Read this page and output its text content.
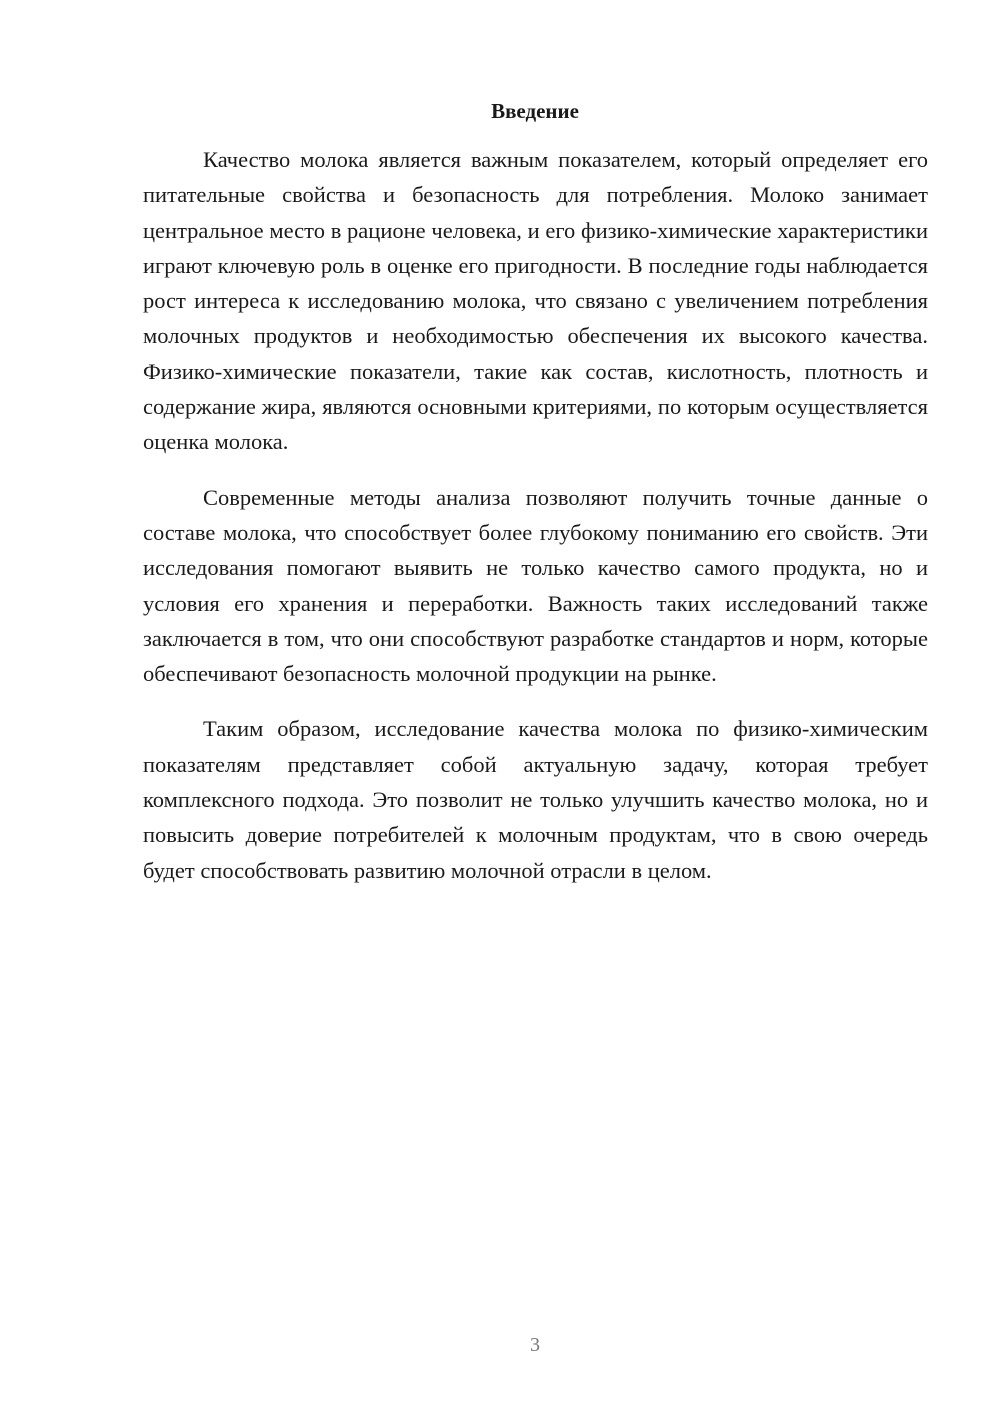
Введение

Качество молока является важным показателем, который определяет его питательные свойства и безопасность для потребления. Молоко занимает центральное место в рационе человека, и его физико-химические характеристики играют ключевую роль в оценке его пригодности. В последние годы наблюдается рост интереса к исследованию молока, что связано с увеличением потребления молочных продуктов и необходимостью обеспечения их высокого качества. Физико-химические показатели, такие как состав, кислотность, плотность и содержание жира, являются основными критериями, по которым осуществляется оценка молока.

Современные методы анализа позволяют получить точные данные о составе молока, что способствует более глубокому пониманию его свойств. Эти исследования помогают выявить не только качество самого продукта, но и условия его хранения и переработки. Важность таких исследований также заключается в том, что они способствуют разработке стандартов и норм, которые обеспечивают безопасность молочной продукции на рынке.

Таким образом, исследование качества молока по физико-химическим показателям представляет собой актуальную задачу, которая требует комплексного подхода. Это позволит не только улучшить качество молока, но и повысить доверие потребителей к молочным продуктам, что в свою очередь будет способствовать развитию молочной отрасли в целом.

3
